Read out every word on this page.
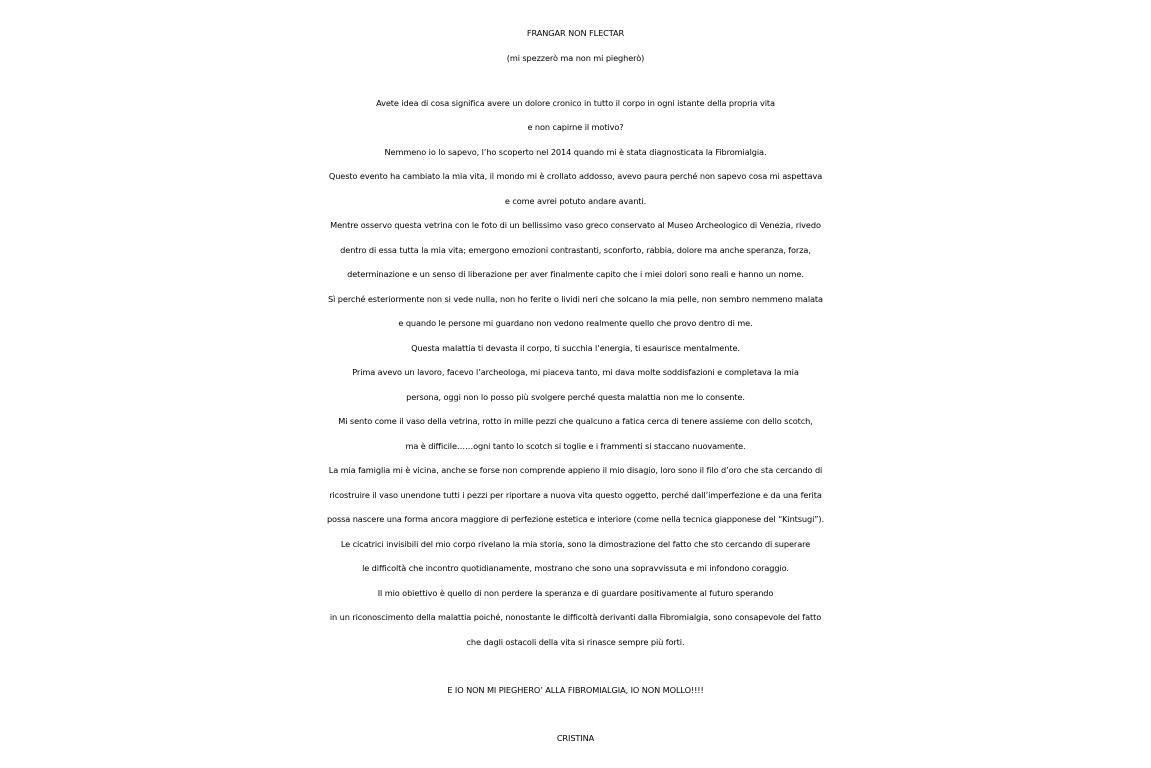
FRANGAR NON FLECTAR
(mi spezzerò ma non mi piegherò)
Avete idea di cosa significa avere un dolore cronico in tutto il corpo in ogni istante della propria vita
e non capirne il motivo?
Nemmeno io lo sapevo, l’ho scoperto nel 2014 quando mi è stata diagnosticata la Fibromialgia.
Questo evento ha cambiato la mia vita, il mondo mi è crollato addosso, avevo paura perché non sapevo cosa mi aspettava
e come avrei potuto andare avanti.
Mentre osservo questa vetrina con le foto di un bellissimo vaso greco conservato al Museo Archeologico di Venezia, rivedo
dentro di essa tutta la mia vita; emergono emozioni contrastanti, sconforto, rabbia, dolore ma anche speranza, forza,
determinazione e un senso di liberazione per aver finalmente capito che i miei dolori sono reali e hanno un nome.
Sì perché esteriormente non si vede nulla, non ho ferite o lividi neri che solcano la mia pelle, non sembro nemmeno malata
e quando le persone mi guardano non vedono realmente quello che provo dentro di me.
Questa malattia ti devasta il corpo, ti succhia l’energia, ti esaurisce mentalmente.
Prima avevo un lavoro, facevo l’archeologa, mi piaceva tanto, mi dava molte soddisfazioni e completava la mia
persona, oggi non lo posso più svolgere perché questa malattia non me lo consente.
Mi sento come il vaso della vetrina, rotto in mille pezzi che qualcuno a fatica cerca di tenere assieme con dello scotch,
ma è difficile……ogni tanto lo scotch si toglie e i frammenti si staccano nuovamente.
La mia famiglia mi è vicina, anche se forse non comprende appieno il mio disagio, loro sono il filo d’oro che sta cercando di
ricostruire il vaso unendone tutti i pezzi per riportare a nuova vita questo oggetto, perché dall’imperfezione e da una ferita
possa nascere una forma ancora maggiore di perfezione estetica e interiore (come nella tecnica giapponese del “Kintsugi”).
Le cicatrici invisibili del mio corpo rivelano la mia storia, sono la dimostrazione del fatto che sto cercando di superare
le difficoltà che incontro quotidianamente, mostrano che sono una sopravvissuta e mi infondono coraggio.
Il mio obiettivo è quello di non perdere la speranza e di guardare positivamente al futuro sperando
in un riconoscimento della malattia poiché, nonostante le difficoltà derivanti dalla Fibromialgia, sono consapevole del fatto
che dagli ostacoli della vita si rinasce sempre più forti.
E IO NON MI PIEGHERO’ ALLA FIBROMIALGIA, IO NON MOLLO!!!!
CRISTINA
